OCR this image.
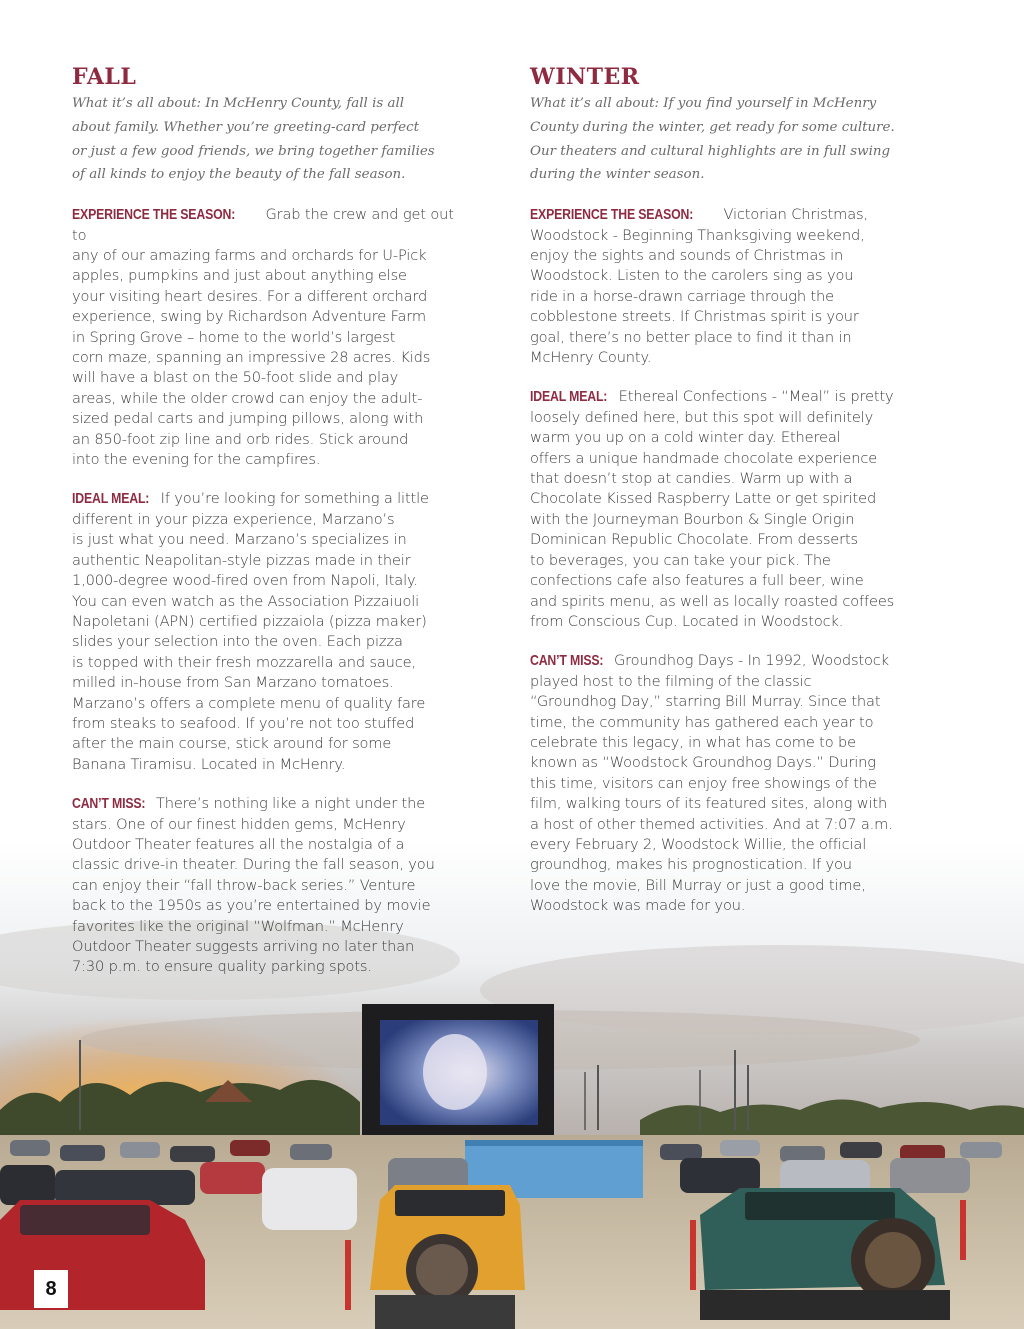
FALL

What it’s all about: In McHenry County, fall is all
about family. Whether you’re greeting-card perfect
or just a few good friends, we bring together families
of all kinds to enjoy the beauty of the fall season.

EXPERIENCE THE SEASON: Grab the crew and get out to
any of our amazing farms and orchards for U-Pick
apples, pumpkins and just about anything else
your visiting heart desires. For a different orchard
experience, swing by Richardson Adventure Farm
in Spring Grove – home to the world’s largest
corn maze, spanning an impressive 28 acres. Kids
will have a blast on the 50-foot slide and play
areas, while the older crowd can enjoy the adult-
sized pedal carts and jumping pillows, along with
an 850-foot zip line and orb rides. Stick around
into the evening for the campfires.

IDEAL MEAL: If you’re looking for something a little
different in your pizza experience, Marzano’s
is just what you need. Marzano’s specializes in
authentic Neapolitan-style pizzas made in their
1,000-degree wood-fired oven from Napoli, Italy.
You can even watch as the Association Pizzaiuoli
Napoletani (APN) certified pizzaiola (pizza maker)
slides your selection into the oven. Each pizza
is topped with their fresh mozzarella and sauce,
milled in-house from San Marzano tomatoes.
Marzano’s offers a complete menu of quality fare
from steaks to seafood. If you’re not too stuffed
after the main course, stick around for some
Banana Tiramisu. Located in McHenry.

CAN’T MISS: There’s nothing like a night under the
stars. One of our finest hidden gems, McHenry
Outdoor Theater features all the nostalgia of a
classic drive-in theater. During the fall season, you
can enjoy their “fall throw-back series.” Venture
back to the 1950s as you’re entertained by movie
favorites like the original “Wolfman.” McHenry
Outdoor Theater suggests arriving no later than
7:30 p.m. to ensure quality parking spots.

WINTER

What it’s all about: If you find yourself in McHenry
County during the winter, get ready for some culture.
Our theaters and cultural highlights are in full swing
during the winter season.

EXPERIENCE THE SEASON: Victorian Christmas,
Woodstock - Beginning Thanksgiving weekend,
enjoy the sights and sounds of Christmas in
Woodstock. Listen to the carolers sing as you
ride in a horse-drawn carriage through the
cobblestone streets. If Christmas spirit is your
goal, there’s no better place to find it than in
McHenry County.

IDEAL MEAL: Ethereal Confections - “Meal” is pretty
loosely defined here, but this spot will definitely
warm you up on a cold winter day. Ethereal
offers a unique handmade chocolate experience
that doesn’t stop at candies. Warm up with a
Chocolate Kissed Raspberry Latte or get spirited
with the Journeyman Bourbon & Single Origin
Dominican Republic Chocolate. From desserts
to beverages, you can take your pick. The
confections cafe also features a full beer, wine
and spirits menu, as well as locally roasted coffees
from Conscious Cup. Located in Woodstock.

CAN’T MISS: Groundhog Days - In 1992, Woodstock
played host to the filming of the classic
“Groundhog Day,” starring Bill Murray. Since that
time, the community has gathered each year to
celebrate this legacy, in what has come to be
known as “Woodstock Groundhog Days.” During
this time, visitors can enjoy free showings of the
film, walking tours of its featured sites, along with
a host of other themed activities. And at 7:07 a.m.
every February 2, Woodstock Willie, the official
groundhog, makes his prognostication. If you
love the movie, Bill Murray or just a good time,
Woodstock was made for you.

8
